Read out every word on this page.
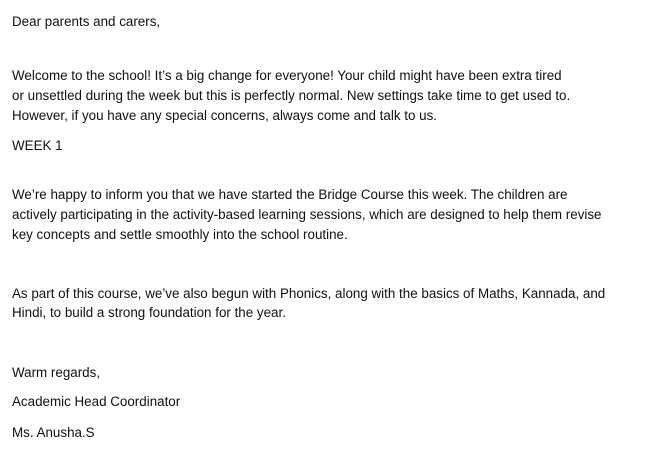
Dear parents and carers,
Welcome to the school! It’s a big change for everyone! Your child might have been extra tired
or unsettled during the week but this is perfectly normal. New settings take time to get used to.
However, if you have any special concerns, always come and talk to us.
WEEK 1
We’re happy to inform you that we have started the Bridge Course this week. The children are
actively participating in the activity-based learning sessions, which are designed to help them revise
key concepts and settle smoothly into the school routine.
As part of this course, we’ve also begun with Phonics, along with the basics of Maths, Kannada, and
Hindi, to build a strong foundation for the year.
Warm regards,
Academic Head Coordinator
Ms. Anusha.S
